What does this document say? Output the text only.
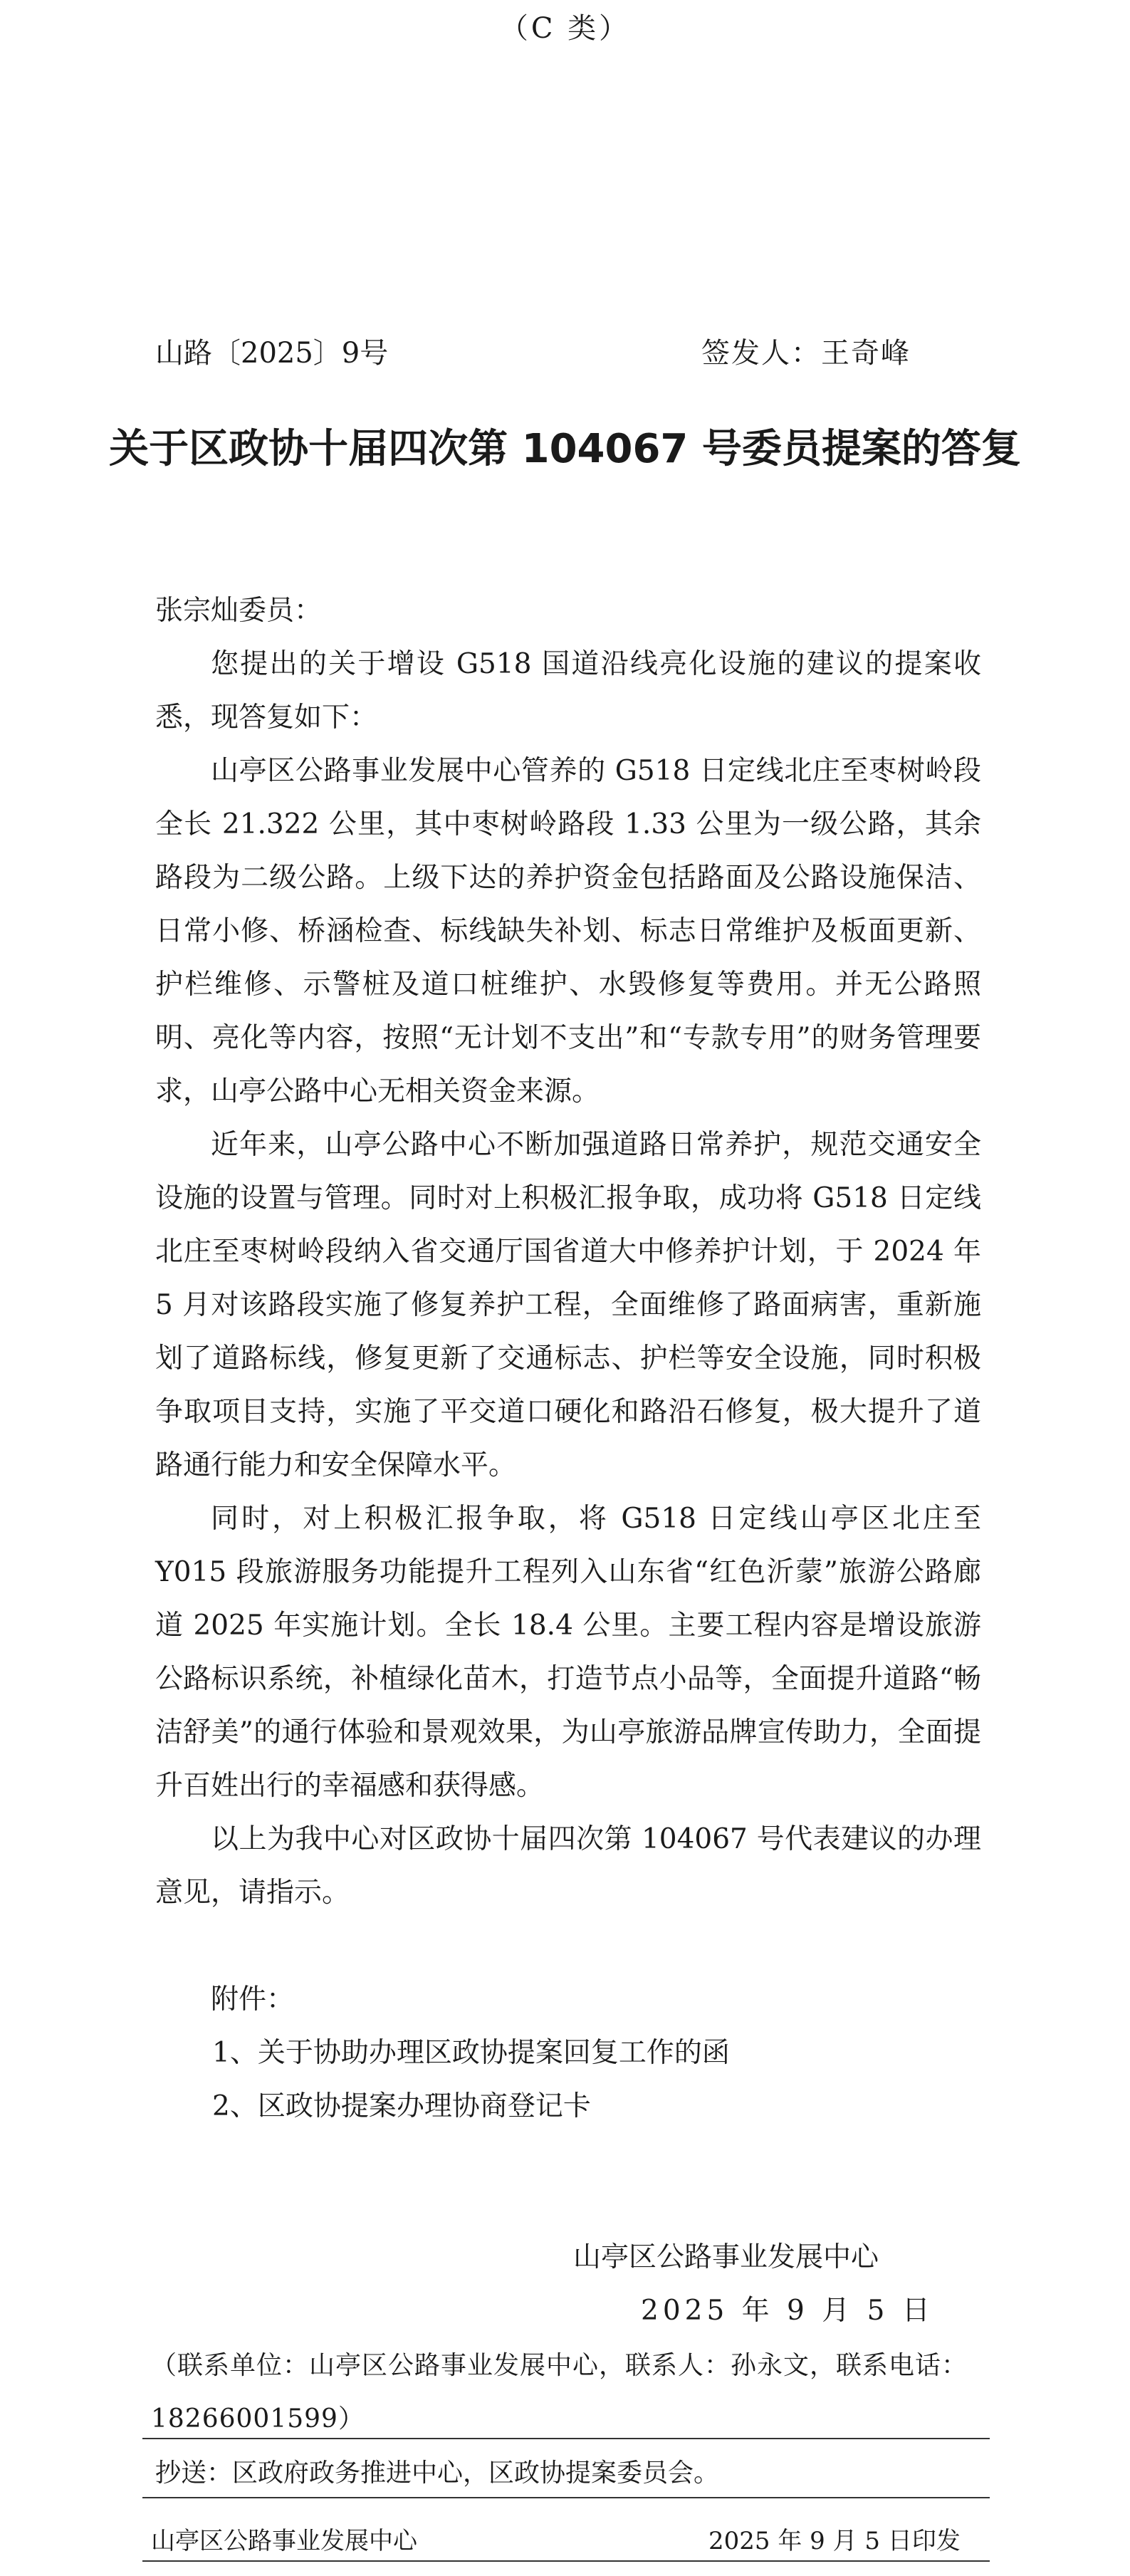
（C 类）
山路〔2025〕9号	签发人：王奇峰
关于区政协十届四次第 104067 号委员提案的答复

张宗灿委员：

您提出的关于增设 G518 国道沿线亮化设施的建议的提案收悉，现答复如下：

山亭区公路事业发展中心管养的 G518 日定线北庄至枣树岭段全长 21.322 公里，其中枣树岭路段 1.33 公里为一级公路，其余路段为二级公路。上级下达的养护资金包括路面及公路设施保洁、日常小修、桥涵检查、标线缺失补划、标志日常维护及板面更新、护栏维修、示警桩及道口桩维护、水毁修复等费用。并无公路照明、亮化等内容，按照“无计划不支出”和“专款专用”的财务管理要求，山亭公路中心无相关资金来源。

近年来，山亭公路中心不断加强道路日常养护，规范交通安全设施的设置与管理。同时对上积极汇报争取，成功将 G518 日定线北庄至枣树岭段纳入省交通厅国省道大中修养护计划，于 2024 年 5 月对该路段实施了修复养护工程，全面维修了路面病害，重新施划了道路标线，修复更新了交通标志、护栏等安全设施，同时积极争取项目支持，实施了平交道口硬化和路沿石修复，极大提升了道路通行能力和安全保障水平。

同时，对上积极汇报争取，将 G518 日定线山亭区北庄至 Y015 段旅游服务功能提升工程列入山东省“红色沂蒙”旅游公路廊道 2025 年实施计划。全长 18.4 公里。主要工程内容是增设旅游公路标识系统，补植绿化苗木，打造节点小品等，全面提升道路“畅洁舒美”的通行体验和景观效果，为山亭旅游品牌宣传助力，全面提升百姓出行的幸福感和获得感。

以上为我中心对区政协十届四次第 104067 号代表建议的办理意见，请指示。

附件：

1、关于协助办理区政协提案回复工作的函

2、区政协提案办理协商登记卡

山亭区公路事业发展中心
2025 年 9 月 5 日
（联系单位：山亭区公路事业发展中心，联系人：孙永文，联系电话：18266001599）
抄送：区政府政务推进中心，区政协提案委员会。
山亭区公路事业发展中心	2025 年 9 月 5 日印发
